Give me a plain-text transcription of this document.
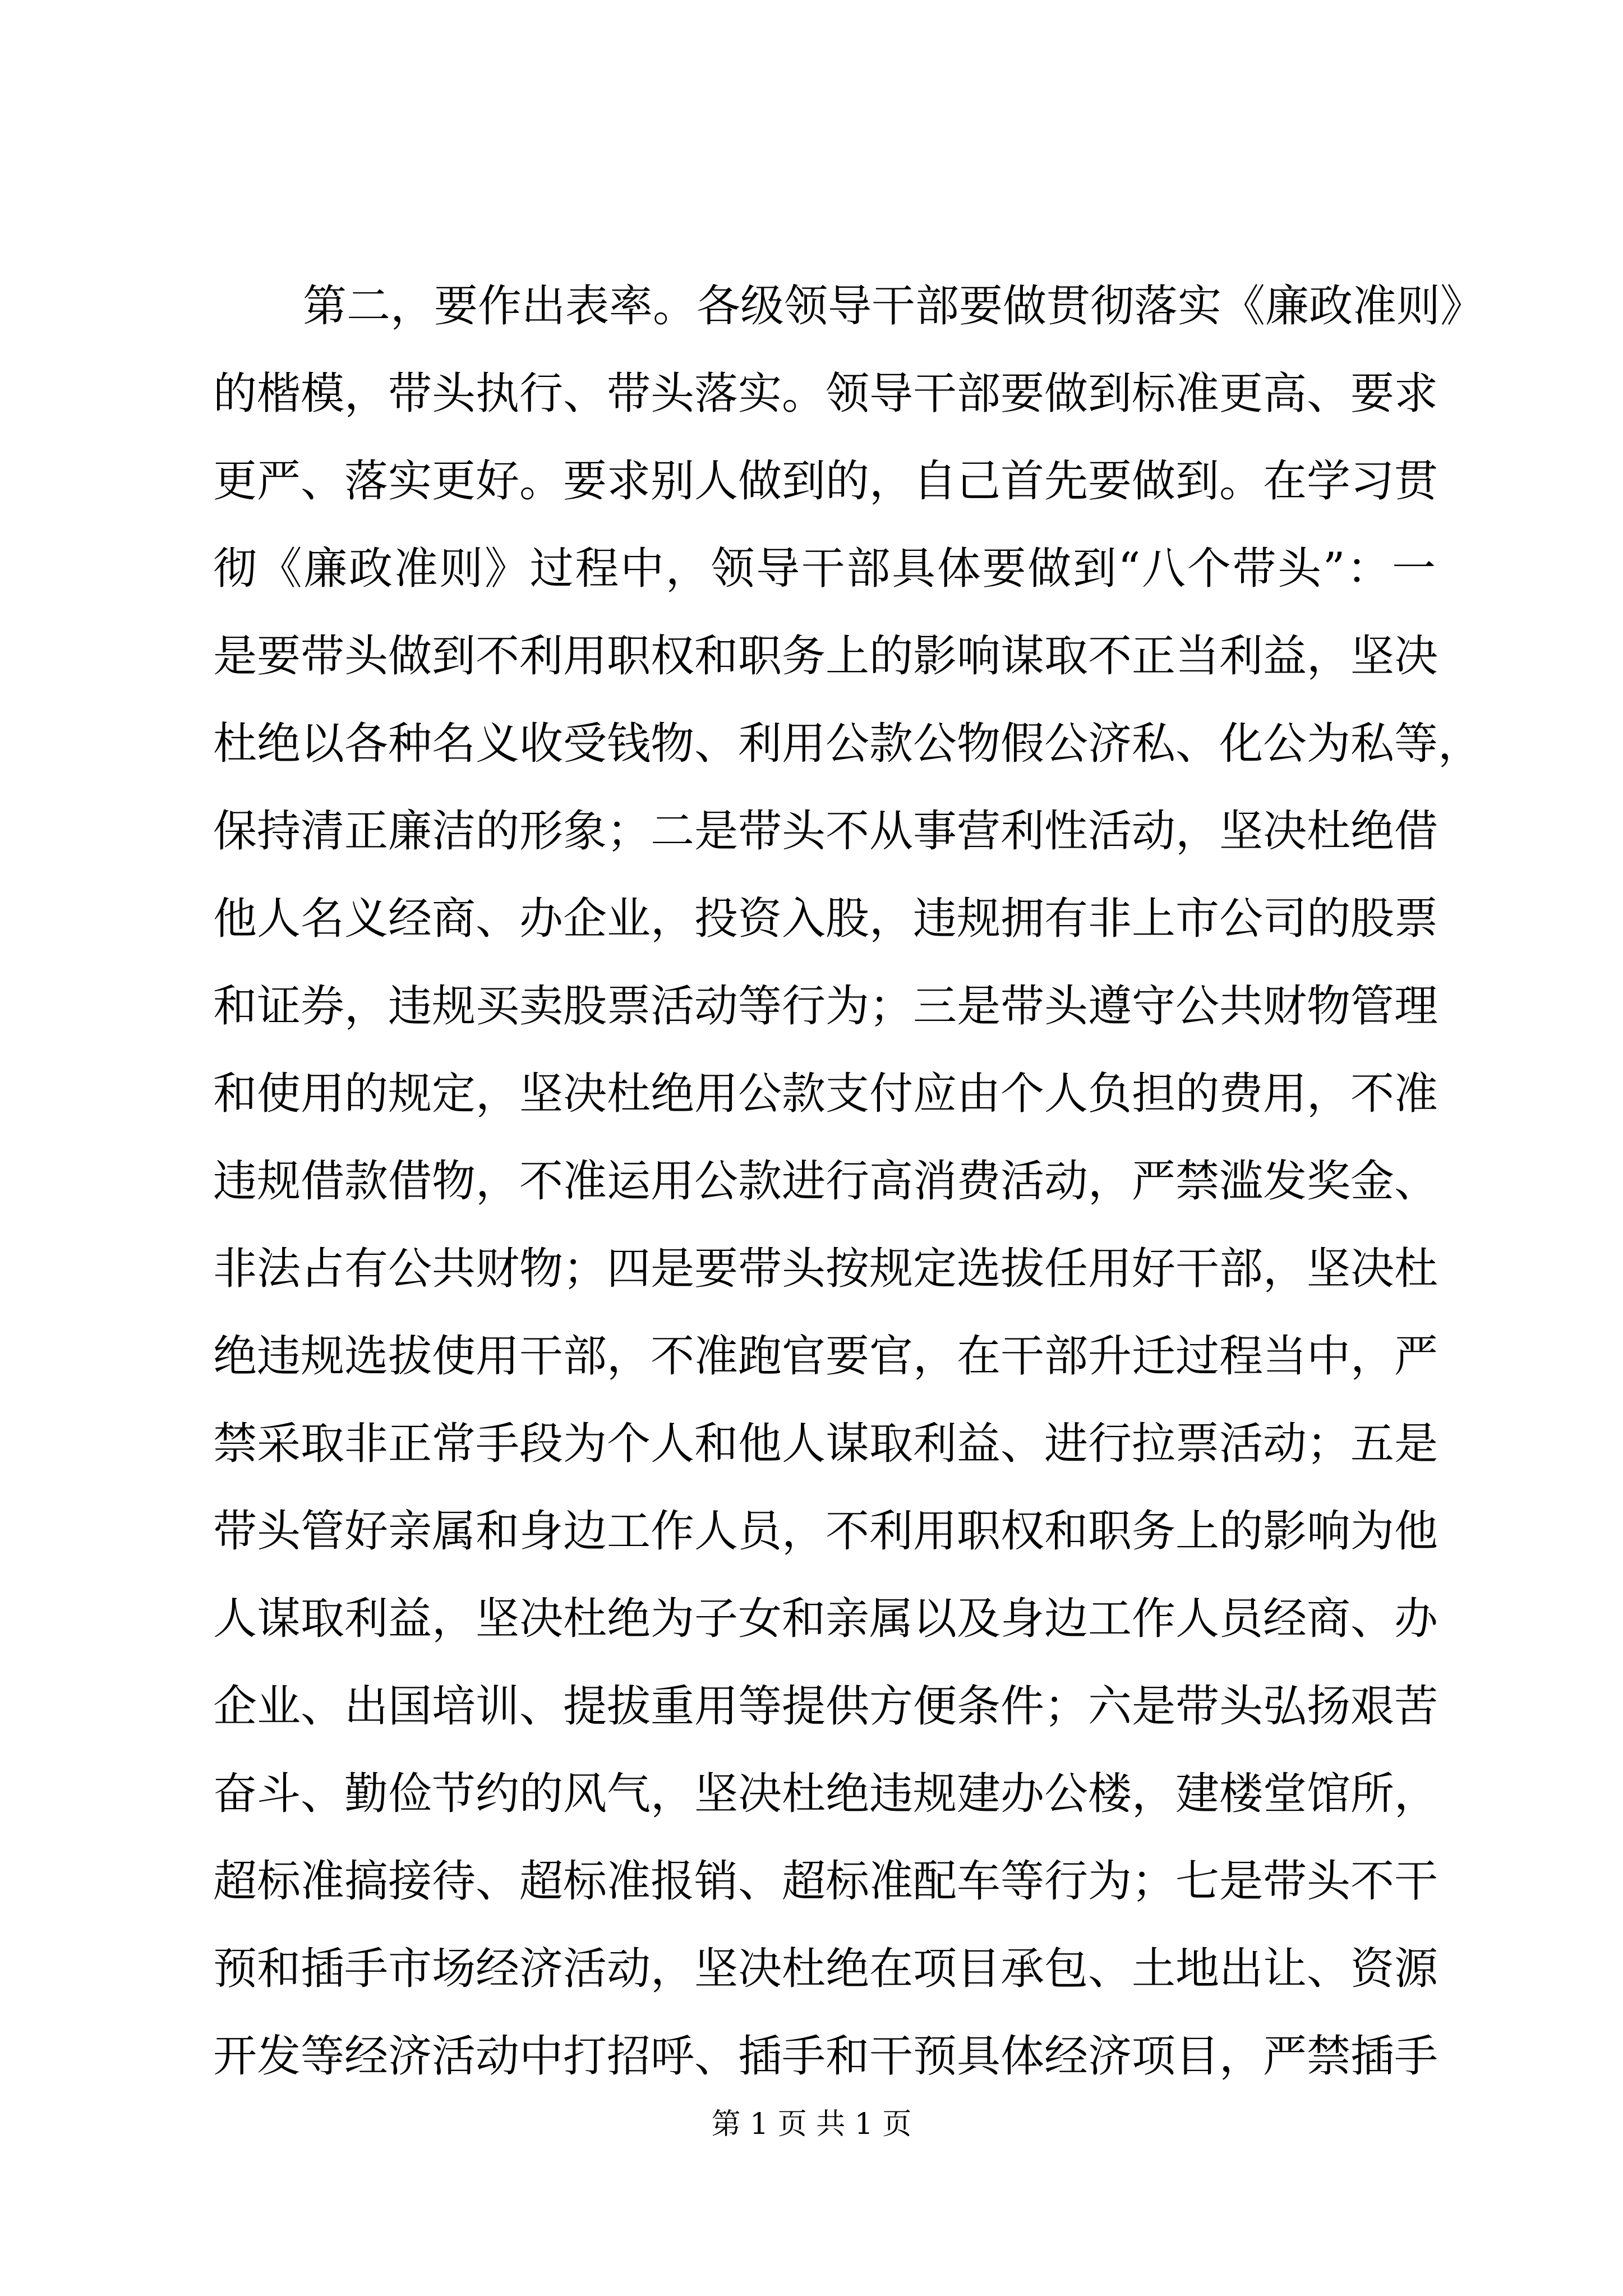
第二，要作出表率。各级领导干部要做贯彻落实《廉政准则》
的楷模，带头执行、带头落实。领导干部要做到标准更高、要求
更严、落实更好。要求别人做到的，自己首先要做到。在学习贯
彻《廉政准则》过程中，领导干部具体要做到“八个带头”：一
是要带头做到不利用职权和职务上的影响谋取不正当利益，坚决
杜绝以各种名义收受钱物、利用公款公物假公济私、化公为私等，
保持清正廉洁的形象；二是带头不从事营利性活动，坚决杜绝借
他人名义经商、办企业，投资入股，违规拥有非上市公司的股票
和证券，违规买卖股票活动等行为；三是带头遵守公共财物管理
和使用的规定，坚决杜绝用公款支付应由个人负担的费用，不准
违规借款借物，不准运用公款进行高消费活动，严禁滥发奖金、
非法占有公共财物；四是要带头按规定选拔任用好干部，坚决杜
绝违规选拔使用干部，不准跑官要官，在干部升迁过程当中，严
禁采取非正常手段为个人和他人谋取利益、进行拉票活动；五是
带头管好亲属和身边工作人员，不利用职权和职务上的影响为他
人谋取利益，坚决杜绝为子女和亲属以及身边工作人员经商、办
企业、出国培训、提拔重用等提供方便条件；六是带头弘扬艰苦
奋斗、勤俭节约的风气，坚决杜绝违规建办公楼，建楼堂馆所，
超标准搞接待、超标准报销、超标准配车等行为；七是带头不干
预和插手市场经济活动，坚决杜绝在项目承包、土地出让、资源
开发等经济活动中打招呼、插手和干预具体经济项目，严禁插手
第 1 页 共 1 页
